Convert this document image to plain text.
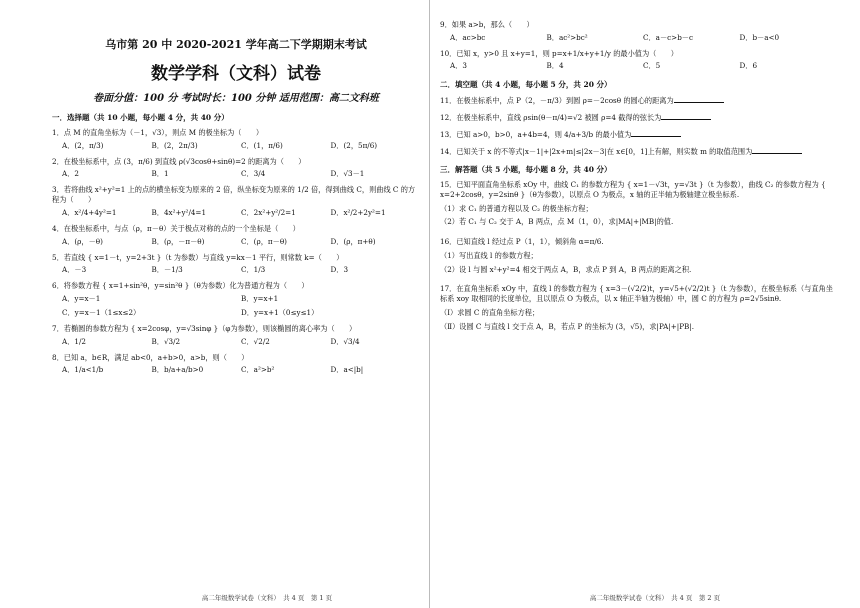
乌市第 20 中 2020-2021 学年高二下学期期末考试
数学学科（文科）试卷
卷面分值：100 分 考试时长：100 分钟 适用范围：高二文科班
一．选择题（共 10 小题，每小题 4 分，共 40 分）
1．点 M 的直角坐标为（－1，√3），则点 M 的极坐标为（　　）
A．(2，π/3)	B．(2，2π/3)	C．(1，π/6)	D．(2，5π/6)
2．在极坐标系中，点 (3，π/6) 到直线 ρ(√3cosθ+sinθ)=2 的距离为（　　）
A．2	B．1	C．3/4	D．√3－1
3．若将曲线 x²+y²=1 上的点的横坐标变为原来的 2 倍，纵坐标变为原来的 1/2 倍，得到曲线 C，则曲线 C 的方程为（　　）
A．x²/4+4y²=1	B．4x²+y²/4=1	C．2x²+y²/2=1	D．x²/2+2y²=1
4．在极坐标系中，与点（ρ，π－θ）关于极点对称的点的一个坐标是（　　）
A．(ρ，－θ)	B．(ρ，－π－θ)	C．(ρ，π－θ)	D．(ρ，π+θ)
5．若直线 { x=1－t，y=2+3t }（t 为参数）与直线 y=kx－1 平行，则常数 k=（　　）
A．－3	B．－1/3	C．1/3	D．3
6．将参数方程 { x=1+sin²θ，y=sin²θ }（θ为参数）化为普通方程为（　　）
A．y=x－1	B．y=x+1
C．y=x－1（1≤x≤2）	D．y=x+1（0≤y≤1）
7．若椭圆的参数方程为 { x=2cosφ，y=√3sinφ }（φ为参数），则该椭圆的离心率为（　　）
A．1/2	B．√3/2	C．√2/2	D．√3/4
8．已知 a，b∈R，满足 ab<0，a+b>0，a>b，则（　　）
A．1/a<1/b	B．b/a+a/b>0	C．a²>b²	D．a<|b|
高二年级数学试卷（文科）　共 4 页　第 1 页
9．如果 a>b，那么（　　）
A．ac>bc	B．ac²>bc²	C．a－c>b－c	D．b－a<0
10．已知 x，y>0 且 x+y=1，则 p=x+1/x+y+1/y 的最小值为（　　）
A．3	B．4	C．5	D．6
二．填空题（共 4 小题，每小题 5 分，共 20 分）
11．在极坐标系中，点 P（2，－π/3）到圆 ρ=－2cosθ 的圆心的距离为
12．在极坐标系中，直线 ρsin(θ－π/4)=√2 被圆 ρ=4 截得的弦长为
13．已知 a>0，b>0，a+4b=4，则 4/a+3/b 的最小值为
14．已知关于 x 的不等式|x－1|+|2x+m|≤|2x－3|在 x∈[0，1]上有解，则实数 m 的取值范围为
三．解答题（共 5 小题，每小题 8 分，共 40 分）
15．已知平面直角坐标系 xOy 中，曲线 C₁ 的参数方程为 { x=1－√3t，y=√3t }（t 为参数），曲线 C₂ 的参数方程为 { x=2+2cosθ，y=2sinθ }（θ为参数），以原点 O 为极点，x 轴的正半轴为极轴建立极坐标系.
（1）求 C₁ 的普通方程以及 C₂ 的极坐标方程；
（2）若 C₁ 与 C₂ 交于 A，B 两点，点 M（1，0），求|MA|+|MB|的值.
16．已知直线 l 经过点 P（1，1），倾斜角 α=π/6.
（1）写出直线 l 的参数方程；
（2）设 l 与圆 x²+y²=4 相交于两点 A，B，求点 P 到 A，B 两点的距离之积.
17．在直角坐标系 xOy 中，直线 l 的参数方程为 { x=3－(√2/2)t，y=√5+(√2/2)t }（t 为参数），在极坐标系（与直角坐标系 xoy 取相同的长度单位，且以原点 O 为极点，以 x 轴正半轴为极轴）中，圆 C 的方程为 ρ=2√5sinθ.
（Ⅰ）求圆 C 的直角坐标方程；
（Ⅱ）设圆 C 与直线 l 交于点 A，B，若点 P 的坐标为 (3，√5)，求|PA|+|PB|.
高二年级数学试卷（文科）　共 4 页　第 2 页
